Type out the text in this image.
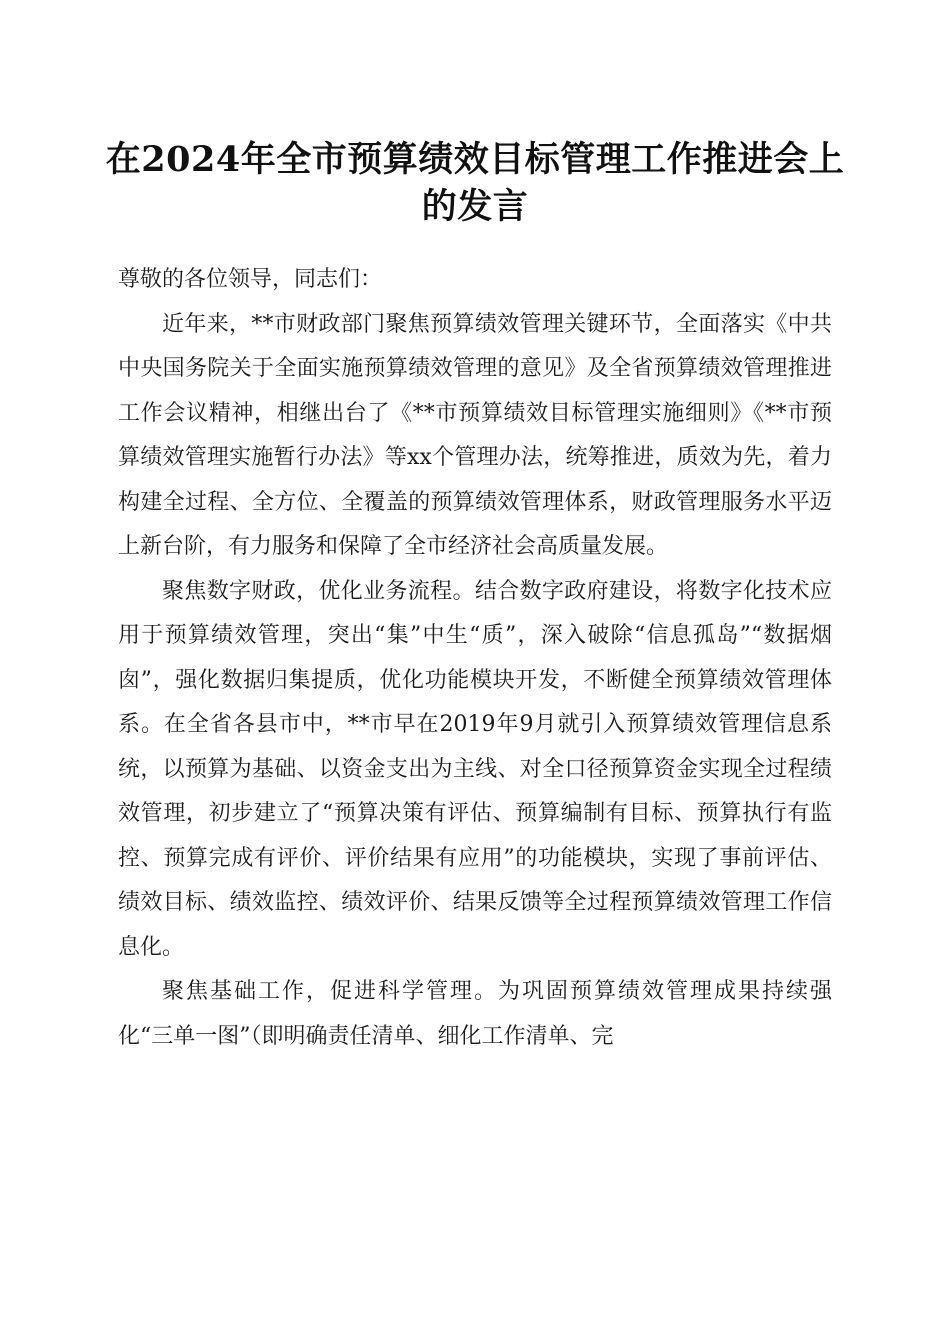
在2024年全市预算绩效目标管理工作推进会上的发言

尊敬的各位领导，同志们：

近年来，**市财政部门聚焦预算绩效管理关键环节，全面落实《中共中央国务院关于全面实施预算绩效管理的意见》及全省预算绩效管理推进工作会议精神，相继出台了《**市预算绩效目标管理实施细则》《**市预算绩效管理实施暂行办法》等xx个管理办法，统筹推进，质效为先，着力构建全过程、全方位、全覆盖的预算绩效管理体系，财政管理服务水平迈上新台阶，有力服务和保障了全市经济社会高质量发展。

聚焦数字财政，优化业务流程。结合数字政府建设，将数字化技术应用于预算绩效管理，突出“集”中生“质”，深入破除“信息孤岛”“数据烟囱”，强化数据归集提质，优化功能模块开发，不断健全预算绩效管理体系。在全省各县市中，**市早在2019年9月就引入预算绩效管理信息系统，以预算为基础、以资金支出为主线、对全口径预算资金实现全过程绩效管理，初步建立了“预算决策有评估、预算编制有目标、预算执行有监控、预算完成有评价、评价结果有应用”的功能模块，实现了事前评估、绩效目标、绩效监控、绩效评价、结果反馈等全过程预算绩效管理工作信息化。

聚焦基础工作，促进科学管理。为巩固预算绩效管理成果持续强化“三单一图”（即明确责任清单、细化工作清单、完
